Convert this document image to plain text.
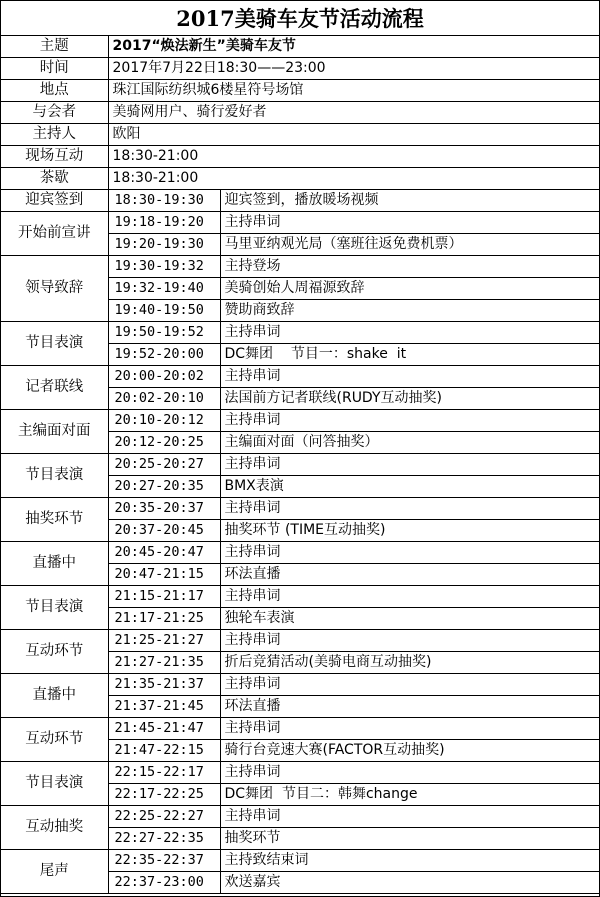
2017美骑车友节活动流程
主题	2017“焕法新生”美骑车友节	
时间	2017年7月22日18:30——23:00	
地点	珠江国际纺织城6楼星符号场馆	
与会者	美骑网用户、骑行爱好者	
主持人	欧阳	
现场互动	18:30-21:00	
茶歇	18:30-21:00	
迎宾签到	18:30-19:30	迎宾签到，播放暖场视频
开始前宣讲	19:18-19:20	主持串词
	19:20-19:30	马里亚纳观光局（塞班往返免费机票）
领导致辞	19:30-19:32	主持登场
	19:32-19:40	美骑创始人周福源致辞
	19:40-19:50	赞助商致辞
节目表演	19:50-19:52	主持串词
	19:52-20:00	DC舞团    节目一：shake  it
记者联线	20:00-20:02	主持串词
	20:02-20:10	法国前方记者联线(RUDY互动抽奖)
主编面对面	20:10-20:12	主持串词
	20:12-20:25	主编面对面（问答抽奖）
节目表演	20:25-20:27	主持串词
	20:27-20:35	BMX表演
抽奖环节	20:35-20:37	主持串词
	20:37-20:45	抽奖环节 (TIME互动抽奖)
直播中	20:45-20:47	主持串词
	20:47-21:15	环法直播
节目表演	21:15-21:17	主持串词
	21:17-21:25	独轮车表演
互动环节	21:25-21:27	主持串词
	21:27-21:35	折后竞猜活动(美骑电商互动抽奖)
直播中	21:35-21:37	主持串词
	21:37-21:45	环法直播
互动环节	21:45-21:47	主持串词
	21:47-22:15	骑行台竞速大赛(FACTOR互动抽奖)
节目表演	22:15-22:17	主持串词
	22:17-22:25	DC舞团  节目二：韩舞change
互动抽奖	22:25-22:27	主持串词
	22:27-22:35	抽奖环节
尾声	22:35-22:37	主持致结束词
	22:37-23:00	欢送嘉宾
